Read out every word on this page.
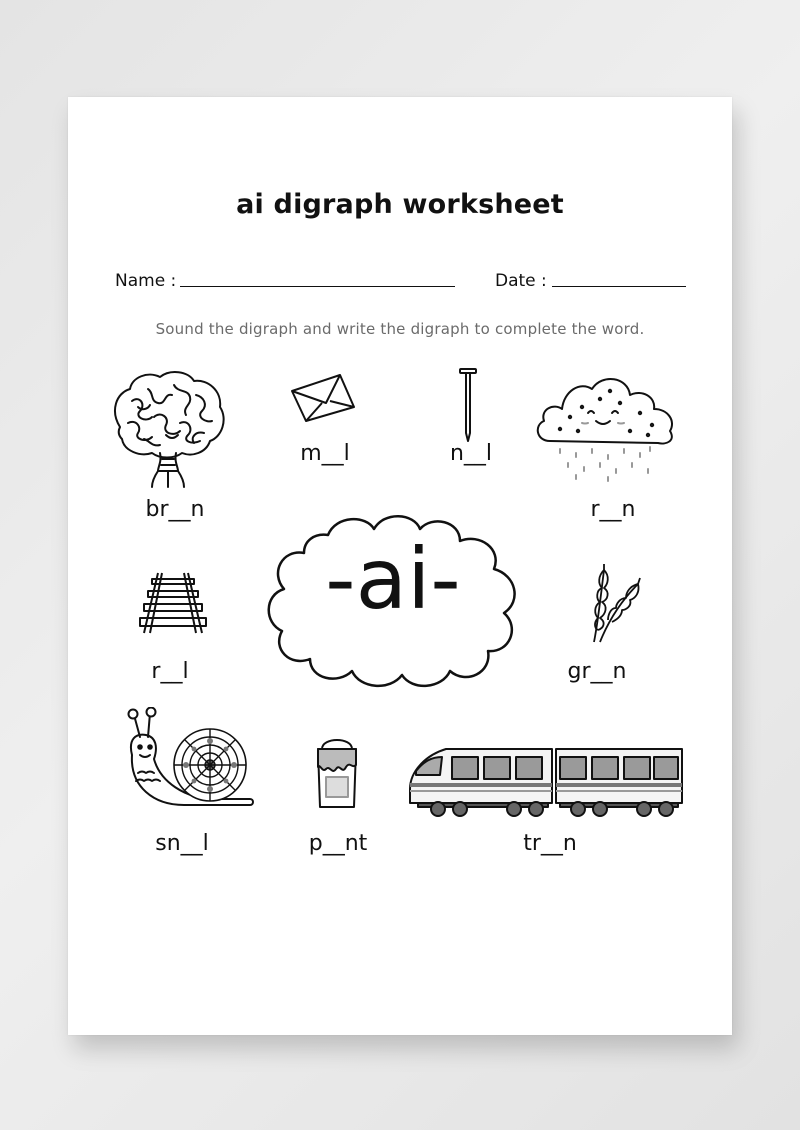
ai digraph worksheet
Name :	Date :
Sound the digraph and write the digraph to complete the word.
-ai-
br__n
m__l	n__l
r__n
r__l	gr__n
sn__l	p__nt	tr__n
